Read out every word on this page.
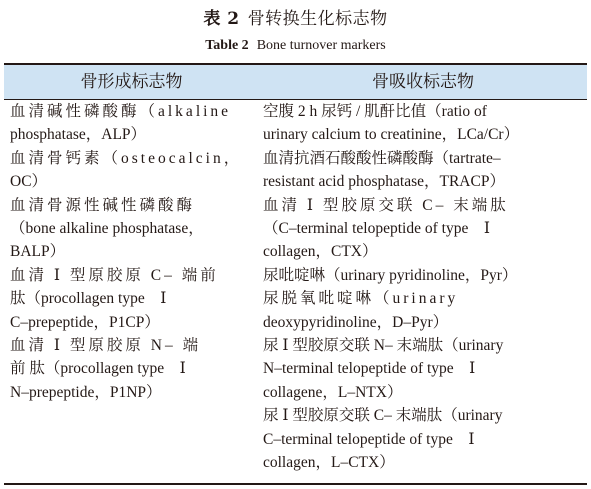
表 2 骨转换生化标志物
Table 2 Bone turnover markers
骨形成标志物	骨吸收标志物
血清碱性磷酸酶（alkaline
phosphatase，ALP）
血清骨钙素（osteocalcin，
OC）
血清骨源性碱性磷酸酶
（bone alkaline phosphatase，
BALP）
血清 Ⅰ 型原胶原 C– 端前
肽（procollagen type　Ⅰ
C–prepeptide，P1CP）
血清 Ⅰ 型原胶原 N– 端
前 肽（procollagen type　Ⅰ
N–prepeptide，P1NP）
空腹 2 h 尿钙 / 肌酐比值（ratio of
urinary calcium to creatinine，LCa/Cr）
血清抗酒石酸酸性磷酸酶（tartrate–
resistant acid phosphatase，TRACP）
血清 Ⅰ 型胶原交联 C– 末端肽
（C–terminal telopeptide of type　Ⅰ
collagen，CTX）
尿吡啶啉（urinary pyridinoline，Pyr）
尿脱氧吡啶啉（urinary
deoxypyridinoline，D–Pyr）
尿 Ⅰ 型胶原交联 N– 末端肽（urinary
N–terminal telopeptide of type　Ⅰ
collagene，L–NTX）
尿 Ⅰ 型胶原交联 C– 末端肽（urinary
C–terminal telopeptide of type　Ⅰ
collagen，L–CTX）
